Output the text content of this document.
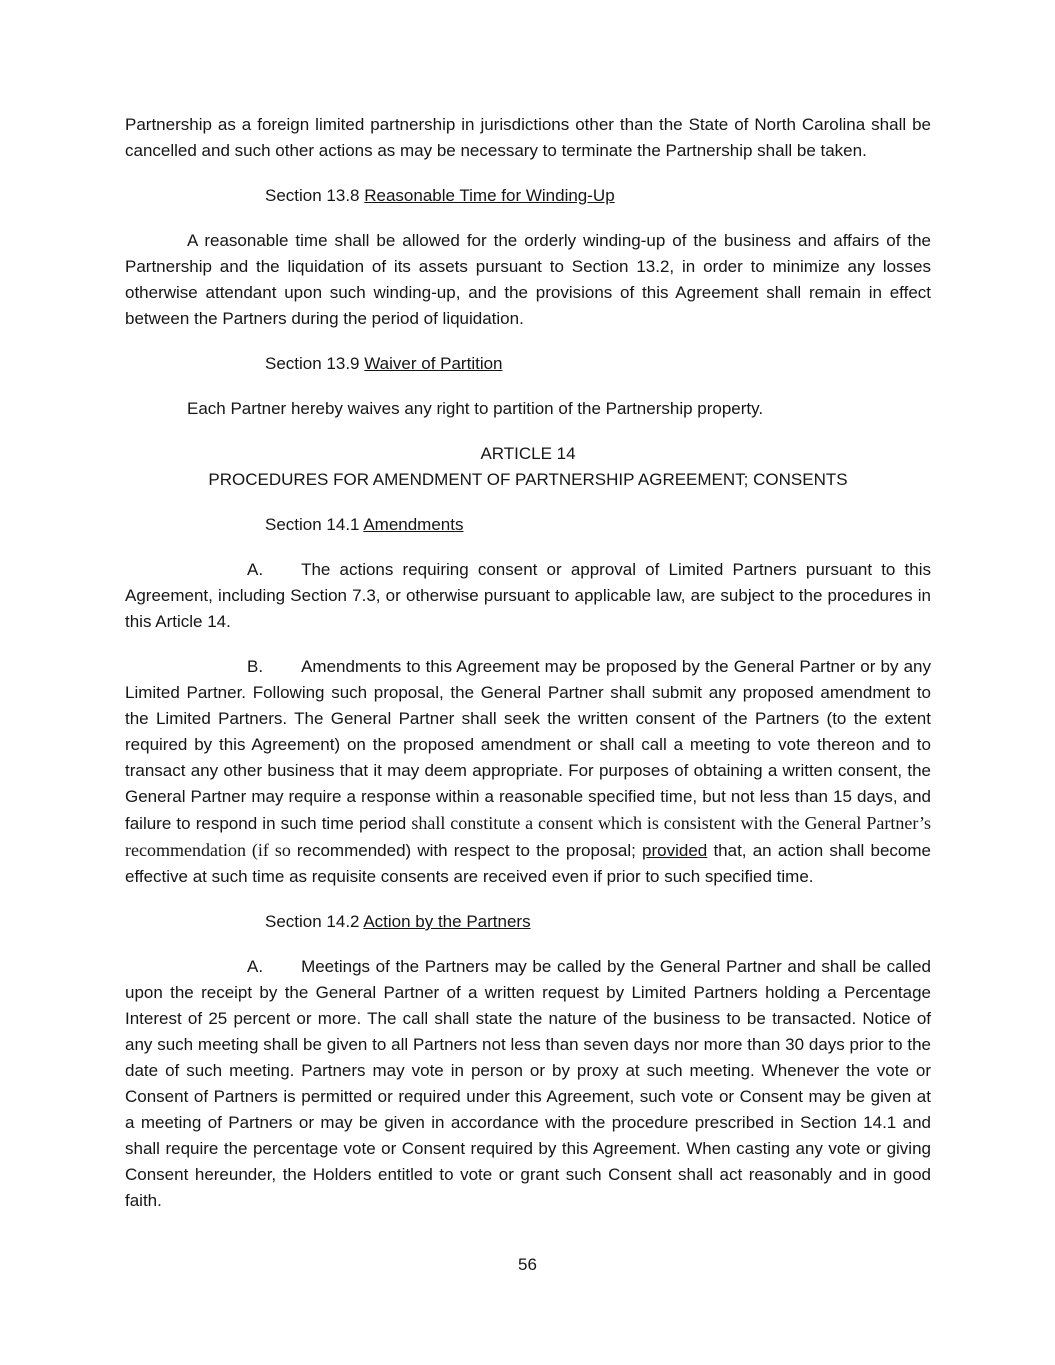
Partnership as a foreign limited partnership in jurisdictions other than the State of North Carolina shall be cancelled and such other actions as may be necessary to terminate the Partnership shall be taken.

Section 13.8 Reasonable Time for Winding-Up

A reasonable time shall be allowed for the orderly winding-up of the business and affairs of the Partnership and the liquidation of its assets pursuant to Section 13.2, in order to minimize any losses otherwise attendant upon such winding-up, and the provisions of this Agreement shall remain in effect between the Partners during the period of liquidation.

Section 13.9 Waiver of Partition

Each Partner hereby waives any right to partition of the Partnership property.

ARTICLE 14
PROCEDURES FOR AMENDMENT OF PARTNERSHIP AGREEMENT; CONSENTS

Section 14.1 Amendments

A. The actions requiring consent or approval of Limited Partners pursuant to this Agreement, including Section 7.3, or otherwise pursuant to applicable law, are subject to the procedures in this Article 14.

B. Amendments to this Agreement may be proposed by the General Partner or by any Limited Partner. Following such proposal, the General Partner shall submit any proposed amendment to the Limited Partners. The General Partner shall seek the written consent of the Partners (to the extent required by this Agreement) on the proposed amendment or shall call a meeting to vote thereon and to transact any other business that it may deem appropriate. For purposes of obtaining a written consent, the General Partner may require a response within a reasonable specified time, but not less than 15 days, and failure to respond in such time period shall constitute a consent which is consistent with the General Partner’s recommendation (if so recommended) with respect to the proposal; provided that, an action shall become effective at such time as requisite consents are received even if prior to such specified time.

Section 14.2 Action by the Partners

A. Meetings of the Partners may be called by the General Partner and shall be called upon the receipt by the General Partner of a written request by Limited Partners holding a Percentage Interest of 25 percent or more. The call shall state the nature of the business to be transacted. Notice of any such meeting shall be given to all Partners not less than seven days nor more than 30 days prior to the date of such meeting. Partners may vote in person or by proxy at such meeting. Whenever the vote or Consent of Partners is permitted or required under this Agreement, such vote or Consent may be given at a meeting of Partners or may be given in accordance with the procedure prescribed in Section 14.1 and shall require the percentage vote or Consent required by this Agreement. When casting any vote or giving Consent hereunder, the Holders entitled to vote or grant such Consent shall act reasonably and in good faith.

56
